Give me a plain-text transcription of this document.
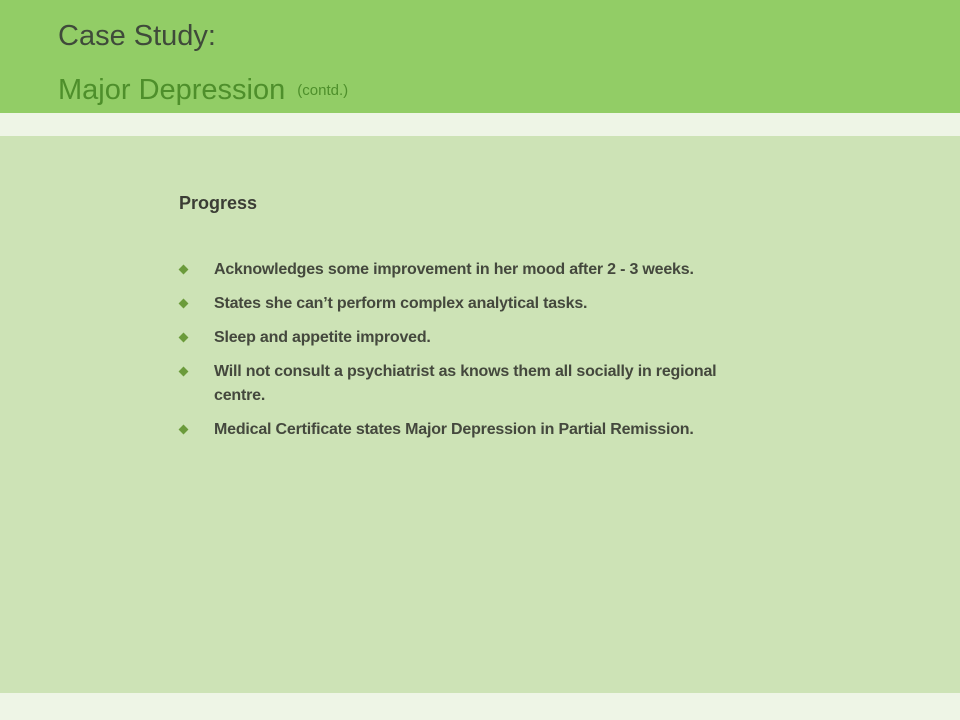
Case Study:
Major Depression (contd.)
Progress
Acknowledges some improvement in her mood after 2 - 3 weeks.
States she can’t perform complex analytical tasks.
Sleep and appetite improved.
Will not consult a psychiatrist as knows them all socially in regional centre.
Medical Certificate states Major Depression in Partial Remission.
